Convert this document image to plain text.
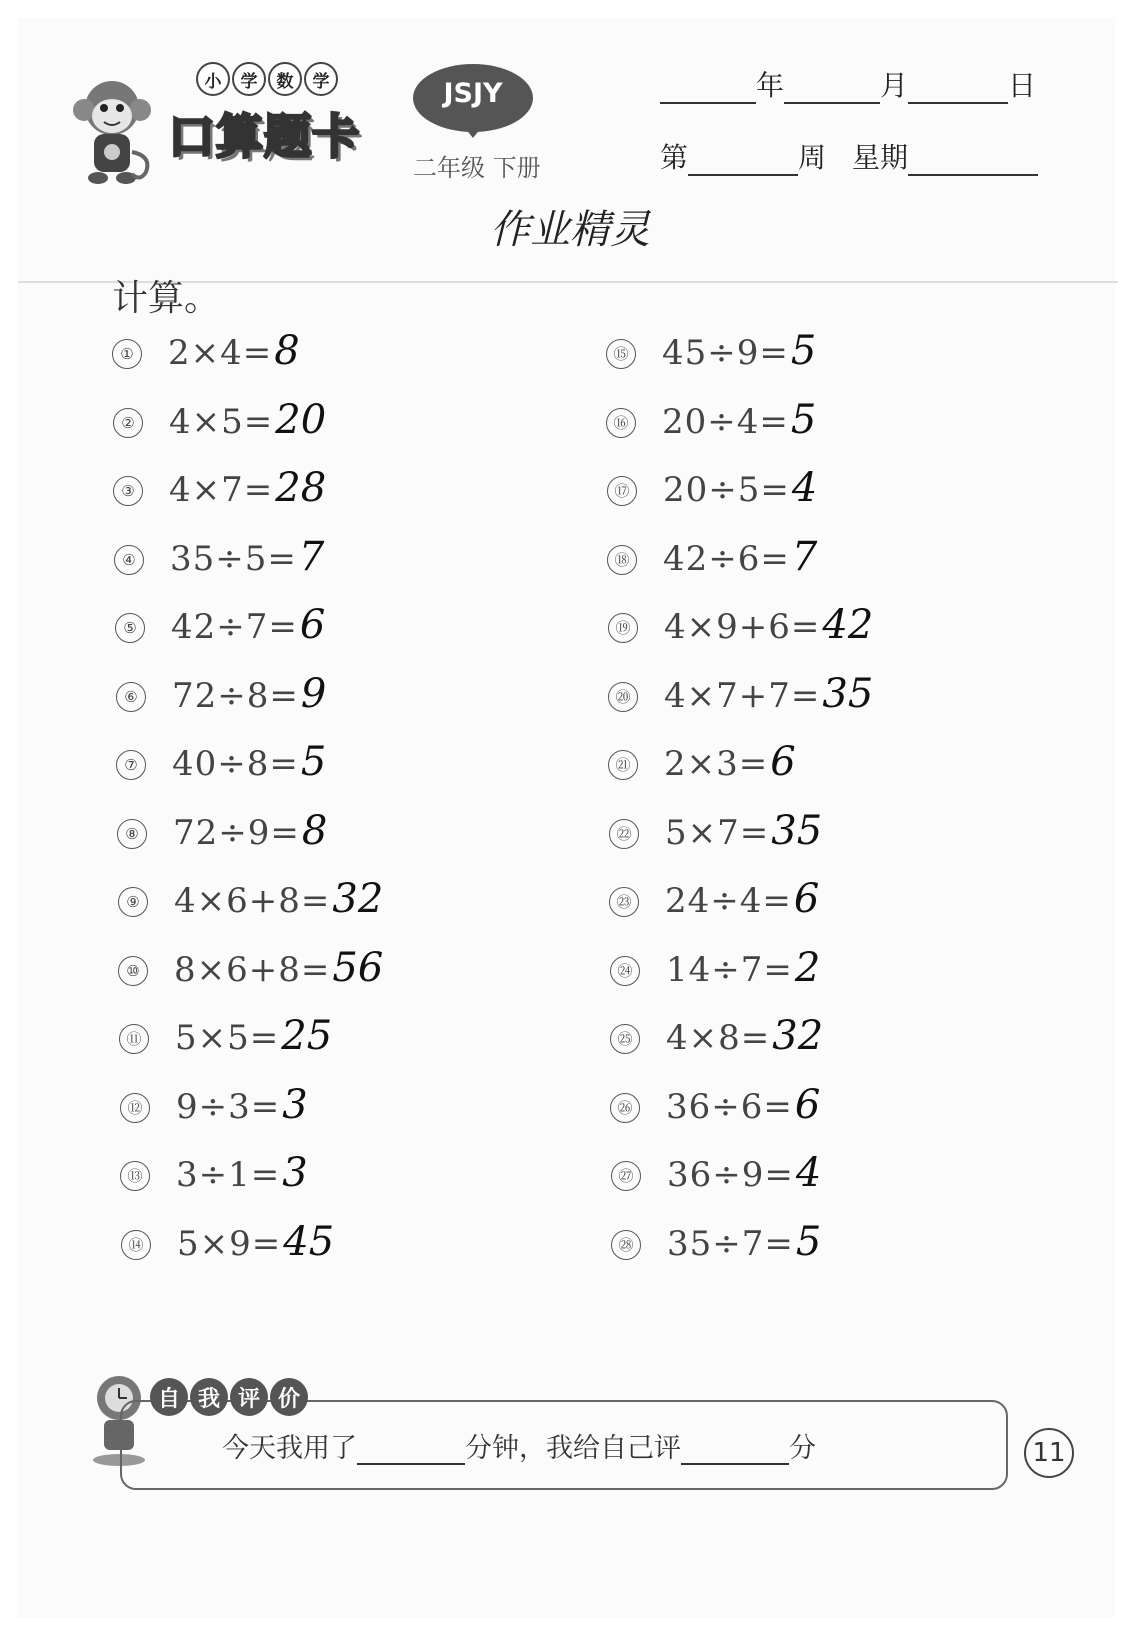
小	学	数	学
口算题卡
JSJY
二年级 下册
年	月	日
第	周 星期
作业精灵
计算。
① 2×4= 8
② 4×5= 20
③ 4×7= 28
④ 35÷5= 7
⑤ 42÷7= 6
⑥ 72÷8= 9
⑦ 40÷8= 5
⑧ 72÷9= 8
⑨ 4×6+8= 32
⑩ 8×6+8= 56
⑪ 5×5= 25
⑫ 9÷3= 3
⑬ 3÷1= 3
⑭ 5×9= 45
⑮ 45÷9= 5
⑯ 20÷4= 5
⑰ 20÷5= 4
⑱ 42÷6= 7
⑲ 4×9+6= 42
⑳ 4×7+7= 35
㉑ 2×3= 6
㉒ 5×7= 35
㉓ 24÷4= 6
㉔ 14÷7= 2
㉕ 4×8= 32
㉖ 36÷6= 6
㉗ 36÷9= 4
㉘ 35÷7= 5
自 我 评 价
今天我用了	分钟，我给自己评	分	11
